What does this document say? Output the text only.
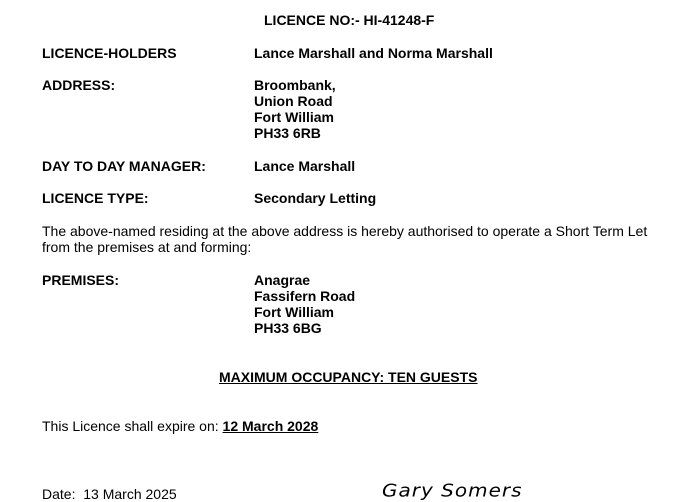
LICENCE NO:- HI-41248-F
LICENCE-HOLDERS	Lance Marshall and Norma Marshall
ADDRESS:	Broombank,
Union Road
Fort William
PH33 6RB
DAY TO DAY MANAGER:	Lance Marshall
LICENCE TYPE:	Secondary Letting
The above-named residing at the above address is hereby authorised to operate a Short Term Let
from the premises at and forming:
PREMISES:	Anagrae
Fassifern Road
Fort William
PH33 6BG
MAXIMUM OCCUPANCY: TEN GUESTS
This Licence shall expire on: 12 March 2028
Date: 13 March 2025	Gary Somers
